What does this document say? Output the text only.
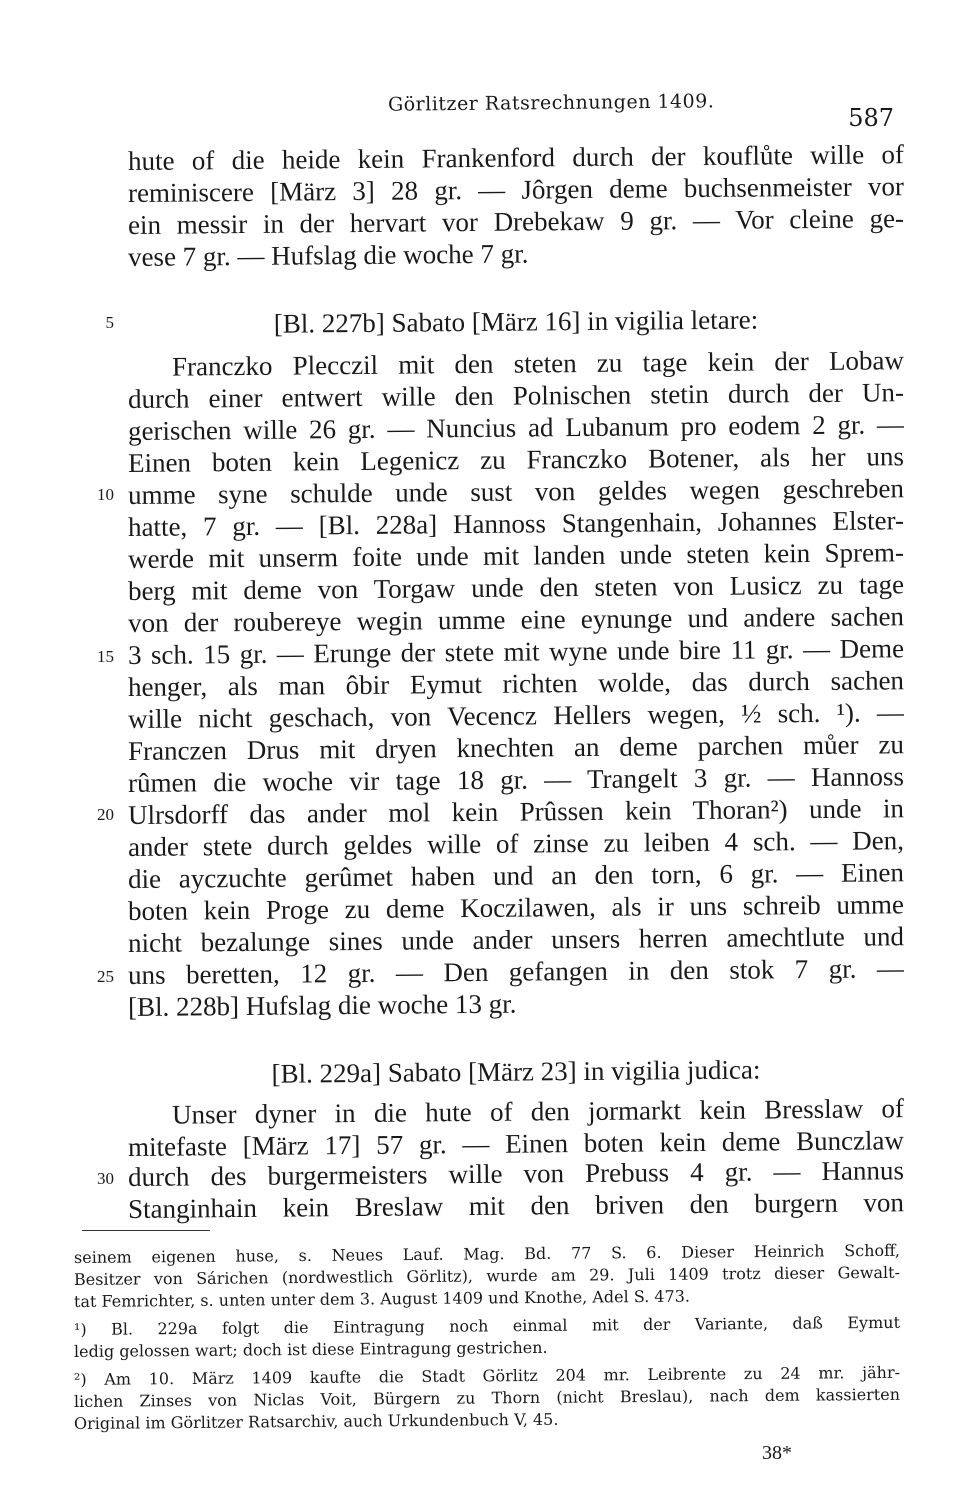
Görlitzer Ratsrechnungen 1409.
587
hute of die heide kein Frankenford durch der kouflůte wille of
reminiscere [März 3] 28 gr. — Jôrgen deme buchsenmeister vor
ein messir in der hervart vor Drebekaw 9 gr. — Vor cleine ge-
vese 7 gr. — Hufslag die woche 7 gr.
5	[Bl. 227b] Sabato [März 16] in vigilia letare:
Franczko Plecczil mit den steten zu tage kein der Lobaw
durch einer entwert wille den Polnischen stetin durch der Un-
gerischen wille 26 gr. — Nuncius ad Lubanum pro eodem 2 gr. —
Einen boten kein Legenicz zu Franczko Botener, als her uns
10 umme syne schulde unde sust von geldes wegen geschreben
hatte, 7 gr. — [Bl. 228a] Hannoss Stangenhain, Johannes Elster-
werde mit unserm foite unde mit landen unde steten kein Sprem-
berg mit deme von Torgaw unde den steten von Lusicz zu tage
von der roubereye wegin umme eine eynunge und andere sachen
15 3 sch. 15 gr. — Erunge der stete mit wyne unde bire 11 gr. — Deme
henger, als man ôbir Eymut richten wolde, das durch sachen
wille nicht geschach, von Vecencz Hellers wegen, ½ sch. ¹). —
Franczen Drus mit dryen knechten an deme parchen můer zu
rûmen die woche vir tage 18 gr. — Trangelt 3 gr. — Hannoss
20 Ulrsdorff das ander mol kein Prûssen kein Thoran²) unde in
ander stete durch geldes wille of zinse zu leiben 4 sch. — Den,
die ayczuchte gerûmet haben und an den torn, 6 gr. — Einen
boten kein Proge zu deme Koczilawen, als ir uns schreib umme
nicht bezalunge sines unde ander unsers herren amechtlute und
25 uns beretten, 12 gr. — Den gefangen in den stok 7 gr. —
[Bl. 228b] Hufslag die woche 13 gr.
[Bl. 229a] Sabato [März 23] in vigilia judica:
Unser dyner in die hute of den jormarkt kein Bresslaw of
mitefaste [März 17] 57 gr. — Einen boten kein deme Bunczlaw
30 durch des burgermeisters wille von Prebuss 4 gr. — Hannus
Stanginhain kein Breslaw mit den briven den burgern von
seinem eigenen huse, s. Neues Lauf. Mag. Bd. 77 S. 6. Dieser Heinrich Schoff,
Besitzer von Sárichen (nordwestlich Görlitz), wurde am 29. Juli 1409 trotz dieser Gewalt-
tat Femrichter, s. unten unter dem 3. August 1409 und Knothe, Adel S. 473.
¹) Bl. 229a folgt die Eintragung noch einmal mit der Variante, daß Eymut
ledig gelossen wart; doch ist diese Eintragung gestrichen.
²) Am 10. März 1409 kaufte die Stadt Görlitz 204 mr. Leibrente zu 24 mr. jähr-
lichen Zinses von Niclas Voit, Bürgern zu Thorn (nicht Breslau), nach dem kassierten
Original im Görlitzer Ratsarchiv, auch Urkundenbuch V, 45.
38*
